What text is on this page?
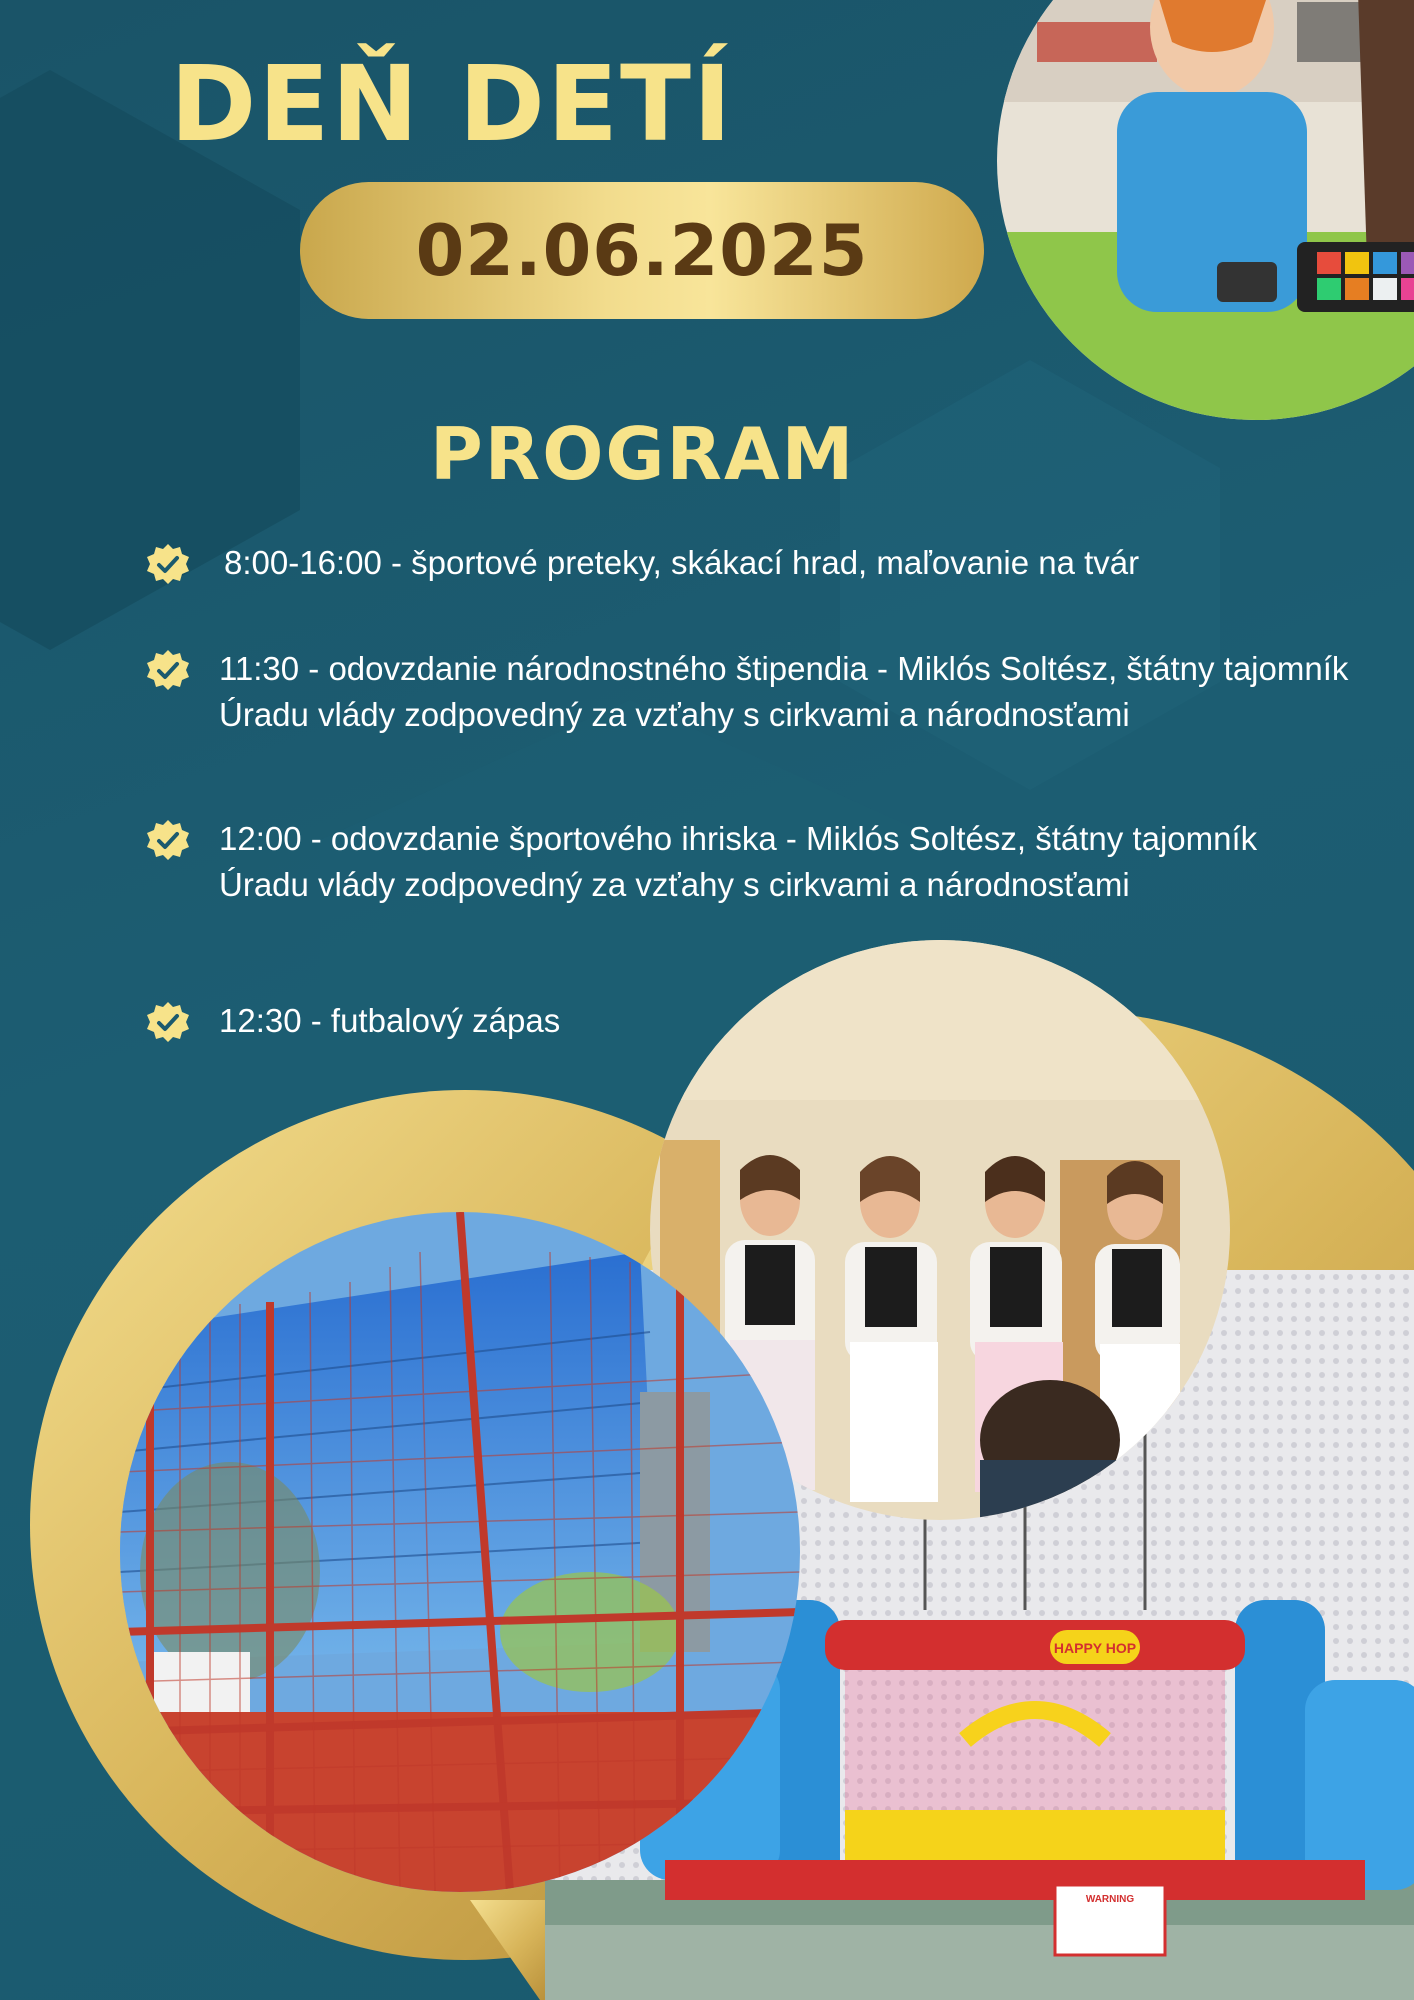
DEŇ DETÍ
02.06.2025
PROGRAM
8:00-16:00 - športové preteky, skákací hrad, maľovanie na tvár
11:30 - odovzdanie národnostného štipendia - Miklós Soltész, štátny tajomník Úradu vlády zodpovedný za vzťahy s cirkvami a národnosťami
12:00 - odovzdanie športového ihriska - Miklós Soltész, štátny tajomník Úradu vlády zodpovedný za vzťahy s cirkvami a národnosťami
12:30 - futbalový zápas
HAPPY HOP
WARNING
